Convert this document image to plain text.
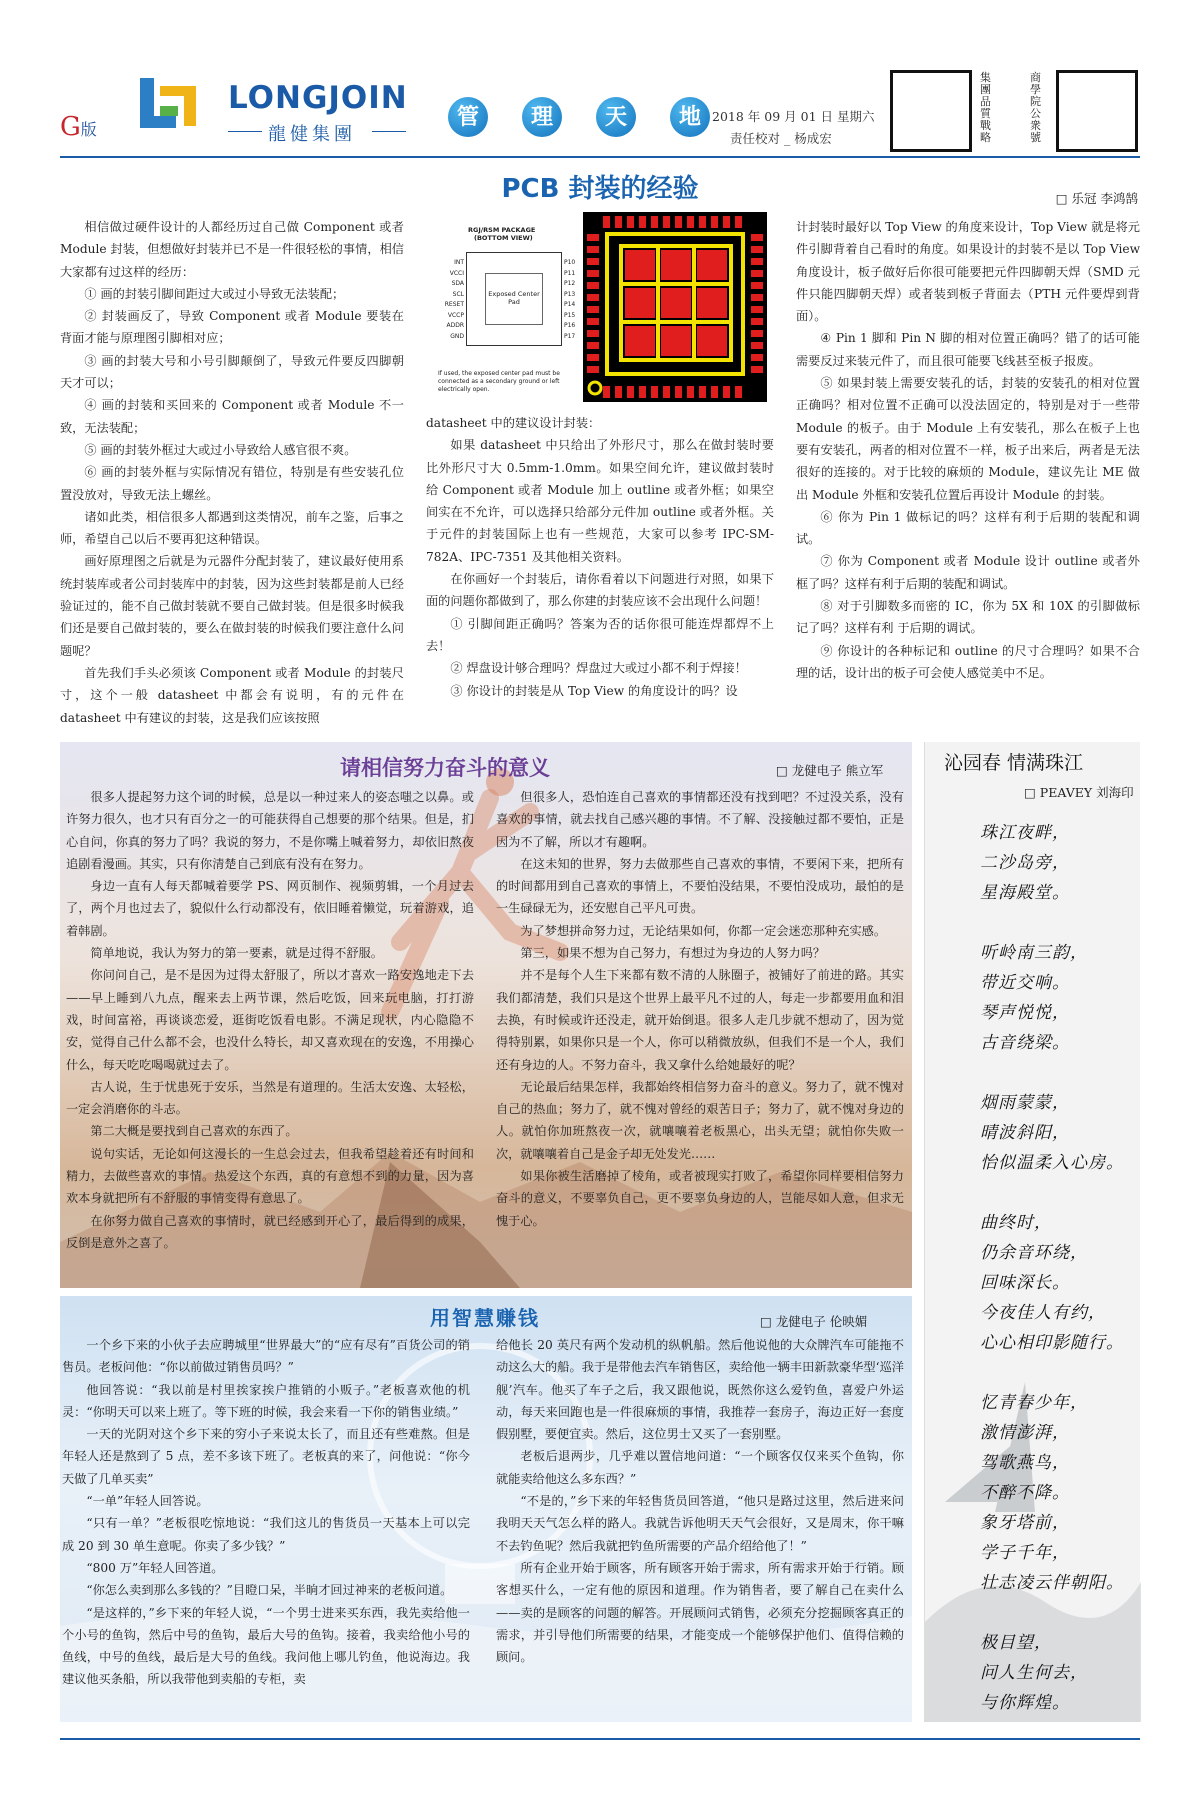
G版
LONGJOIN
龍健集團
管	理	天	地 2018 年 09 月 01 日 星期六
责任校对 _ 杨成宏
集團品質戰略
商學院公衆號
PCB 封装的经验	□ 乐冠 李鸿鹄

相信做过硬件设计的人都经历过自己做 Component 或者 Module 封装，但想做好封装并已不是一件很轻松的事情，相信大家都有过这样的经历：

① 画的封装引脚间距过大或过小导致无法装配；

② 封装画反了，导致 Component 或者 Module 要装在背面才能与原理图引脚相对应；

③ 画的封装大号和小号引脚颠倒了，导致元件要反四脚朝天才可以；

④ 画的封装和买回来的 Component 或者 Module 不一致，无法装配；

⑤ 画的封装外框过大或过小导致给人感官很不爽。

⑥ 画的封装外框与实际情况有错位，特别是有些安装孔位置没放对，导致无法上螺丝。

诸如此类，相信很多人都遇到这类情况，前车之鉴，后事之师，希望自己以后不要再犯这种错误。

画好原理图之后就是为元器件分配封装了，建议最好使用系统封装库或者公司封装库中的封装，因为这些封装都是前人已经验证过的，能不自己做封装就不要自己做封装。但是很多时候我们还是要自己做封装的，要么在做封装的时候我们要注意什么问题呢？

首先我们手头必须该 Component 或者 Module 的封装尺寸，这个一般 datasheet 中都会有说明，有的元件在 datasheet 中有建议的封装，这是我们应该按照

RGJ/RSM PACKAGE
(BOTTOM VIEW)
Exposed Center Pad
INT
VCCI
SDA
SCL
RESET
VCCP
ADDR
GND
P10
P11
P12
P13
P14
P15
P16
P17
If used, the exposed center pad must be connected as a secondary ground or left electrically open.

datasheet 中的建议设计封装：

如果 datasheet 中只给出了外形尺寸，那么在做封装时要比外形尺寸大 0.5mm-1.0mm。如果空间允许，建议做封装时给 Component 或者 Module 加上 outline 或者外框；如果空间实在不允许，可以选择只给部分元件加 outline 或者外框。关于元件的封装国际上也有一些规范，大家可以参考 IPC-SM-782A、IPC-7351 及其他相关资料。

在你画好一个封装后，请你看着以下问题进行对照，如果下面的问题你都做到了，那么你建的封装应该不会出现什么问题！

① 引脚间距正确吗？答案为否的话你很可能连焊都焊不上去！

② 焊盘设计够合理吗？焊盘过大或过小都不利于焊接！

③ 你设计的封装是从 Top View 的角度设计的吗？设

计封装时最好以 Top View 的角度来设计，Top View 就是将元件引脚背着自己看时的角度。如果设计的封装不是以 Top View 角度设计，板子做好后你很可能要把元件四脚朝天焊（SMD 元件只能四脚朝天焊）或者装到板子背面去（PTH 元件要焊到背面）。

④ Pin 1 脚和 Pin N 脚的相对位置正确吗？错了的话可能需要反过来装元件了，而且很可能要飞线甚至板子报废。

⑤ 如果封装上需要安装孔的话，封装的安装孔的相对位置正确吗？相对位置不正确可以没法固定的，特别是对于一些带 Module 的板子。由于 Module 上有安装孔，那么在板子上也要有安装孔，两者的相对位置不一样，板子出来后，两者是无法很好的连接的。对于比较的麻烦的 Module，建议先让 ME 做出 Module 外框和安装孔位置后再设计 Module 的封装。

⑥ 你为 Pin 1 做标记的吗？这样有利于后期的装配和调试。

⑦ 你为 Component 或者 Module 设计 outline 或者外框了吗？这样有利于后期的装配和调试。

⑧ 对于引脚数多而密的 IC，你为 5X 和 10X 的引脚做标记了吗？这样有利 于后期的调试。

⑨ 你设计的各种标记和 outline 的尺寸合理吗？如果不合理的话，设计出的板子可会使人感觉美中不足。

请相信努力奋斗的意义	□ 龙健电子 熊立军

很多人提起努力这个词的时候，总是以一种过来人的姿态嗤之以鼻。或许努力很久，也才只有百分之一的可能获得自己想要的那个结果。但是，扪心自问，你真的努力了吗？我说的努力，不是你嘴上喊着努力，却依旧熬夜追剧看漫画。其实，只有你清楚自己到底有没有在努力。

身边一直有人每天都喊着要学 PS、网页制作、视频剪辑，一个月过去了，两个月也过去了，貌似什么行动都没有，依旧睡着懒觉，玩着游戏，追着韩剧。

简单地说，我认为努力的第一要素，就是过得不舒服。

你问问自己，是不是因为过得太舒服了，所以才喜欢一路安逸地走下去——早上睡到八九点，醒来去上两节课，然后吃饭，回来玩电脑，打打游戏，时间富裕，再谈谈恋爱，逛街吃饭看电影。不满足现状，内心隐隐不安，觉得自己什么都不会，也没什么特长，却又喜欢现在的安逸，不用操心什么，每天吃吃喝喝就过去了。

古人说，生于忧患死于安乐，当然是有道理的。生活太安逸、太轻松，一定会消磨你的斗志。

第二大概是要找到自己喜欢的东西了。

说句实话，无论如何这漫长的一生总会过去，但我希望趁着还有时间和精力，去做些喜欢的事情。热爱这个东西，真的有意想不到的力量，因为喜欢本身就把所有不舒服的事情变得有意思了。

在你努力做自己喜欢的事情时，就已经感到开心了，最后得到的成果，反倒是意外之喜了。

但很多人，恐怕连自己喜欢的事情都还没有找到吧？不过没关系，没有喜欢的事情，就去找自己感兴趣的事情。不了解、没接触过都不要怕，正是因为不了解，所以才有趣啊。

在这未知的世界，努力去做那些自己喜欢的事情，不要闲下来，把所有的时间都用到自己喜欢的事情上，不要怕没结果，不要怕没成功，最怕的是一生碌碌无为，还安慰自己平凡可贵。

为了梦想拼命努力过，无论结果如何，你都一定会迷恋那种充实感。

第三，如果不想为自己努力，有想过为身边的人努力吗？

并不是每个人生下来都有数不清的人脉圈子，被铺好了前进的路。其实我们都清楚，我们只是这个世界上最平凡不过的人，每走一步都要用血和泪去换，有时候或许还没走，就开始倒退。很多人走几步就不想动了，因为觉得特别累，如果你只是一个人，你可以稍微放纵，但我们不是一个人，我们还有身边的人。不努力奋斗，我又拿什么给她最好的呢？

无论最后结果怎样，我都始终相信努力奋斗的意义。努力了，就不愧对自己的热血；努力了，就不愧对曾经的艰苦日子；努力了，就不愧对身边的人。就怕你加班熬夜一次，就嚷嚷着老板黑心，出头无望；就怕你失败一次，就嚷嚷着自己是金子却无处发光……

如果你被生活磨掉了棱角，或者被现实打败了，希望你同样要相信努力奋斗的意义，不要辜负自己，更不要辜负身边的人，岂能尽如人意，但求无愧于心。

沁园春 情满珠江
□ PEAVEY 刘海印
珠江夜畔，
二沙岛旁，
星海殿堂。
听岭南三韵，
带近交响。
琴声悦悦，
古音绕梁。
烟雨蒙蒙，
晴波斜阳，
怡似温柔入心房。
曲终时，
仍余音环绕，
回味深长。
今夜佳人有约，
心心相印影随行。
忆青春少年，
激情澎湃，
驾歌燕鸟，
不醉不降。
象牙塔前，
学子千年，
壮志凌云伴朝阳。
极目望，
问人生何去，
与你辉煌。
用智慧赚钱	□ 龙健电子 伦映媚

一个乡下来的小伙子去应聘城里“世界最大”的“应有尽有”百货公司的销售员。老板问他：“你以前做过销售员吗？”

他回答说：“我以前是村里挨家挨户推销的小贩子。”老板喜欢他的机灵：“你明天可以来上班了。等下班的时候，我会来看一下你的销售业绩。”

一天的光阴对这个乡下来的穷小子来说太长了，而且还有些难熬。但是年轻人还是熬到了 5 点，差不多该下班了。老板真的来了，问他说：“你今天做了几单买卖”

“一单”年轻人回答说。

“只有一单？”老板很吃惊地说：“我们这儿的售货员一天基本上可以完成 20 到 30 单生意呢。你卖了多少钱？”

“800 万”年轻人回答道。

“你怎么卖到那么多钱的？”目瞪口呆，半晌才回过神来的老板问道。

“是这样的，”乡下来的年轻人说，“一个男士进来买东西，我先卖给他一个小号的鱼钩，然后中号的鱼钩，最后大号的鱼钩。接着，我卖给他小号的鱼线，中号的鱼线，最后是大号的鱼线。我问他上哪儿钓鱼，他说海边。我建议他买条船，所以我带他到卖船的专柜，卖

给他长 20 英尺有两个发动机的纵帆船。然后他说他的大众牌汽车可能拖不动这么大的船。我于是带他去汽车销售区，卖给他一辆丰田新款豪华型‘巡洋舰’汽车。他买了车子之后，我又跟他说，既然你这么爱钓鱼，喜爱户外运动，每天来回跑也是一件很麻烦的事情，我推荐一套房子，海边正好一套度假别墅，要便宜卖。然后，这位男士又买了一套别墅。

老板后退两步，几乎难以置信地问道：“一个顾客仅仅来买个鱼钩，你就能卖给他这么多东西？”

“不是的，”乡下来的年轻售货员回答道，“他只是路过这里，然后进来问我明天天气怎么样的路人。我就告诉他明天天气会很好，又是周末，你干嘛不去钓鱼呢？然后我就把钓鱼所需要的产品介绍给他了！”

所有企业开始于顾客，所有顾客开始于需求，所有需求开始于行销。顾客想买什么，一定有他的原因和道理。作为销售者，要了解自己在卖什么——卖的是顾客的问题的解答。开展顾问式销售，必须充分挖掘顾客真正的需求，并引导他们所需要的结果，才能变成一个能够保护他们、值得信赖的顾问。
